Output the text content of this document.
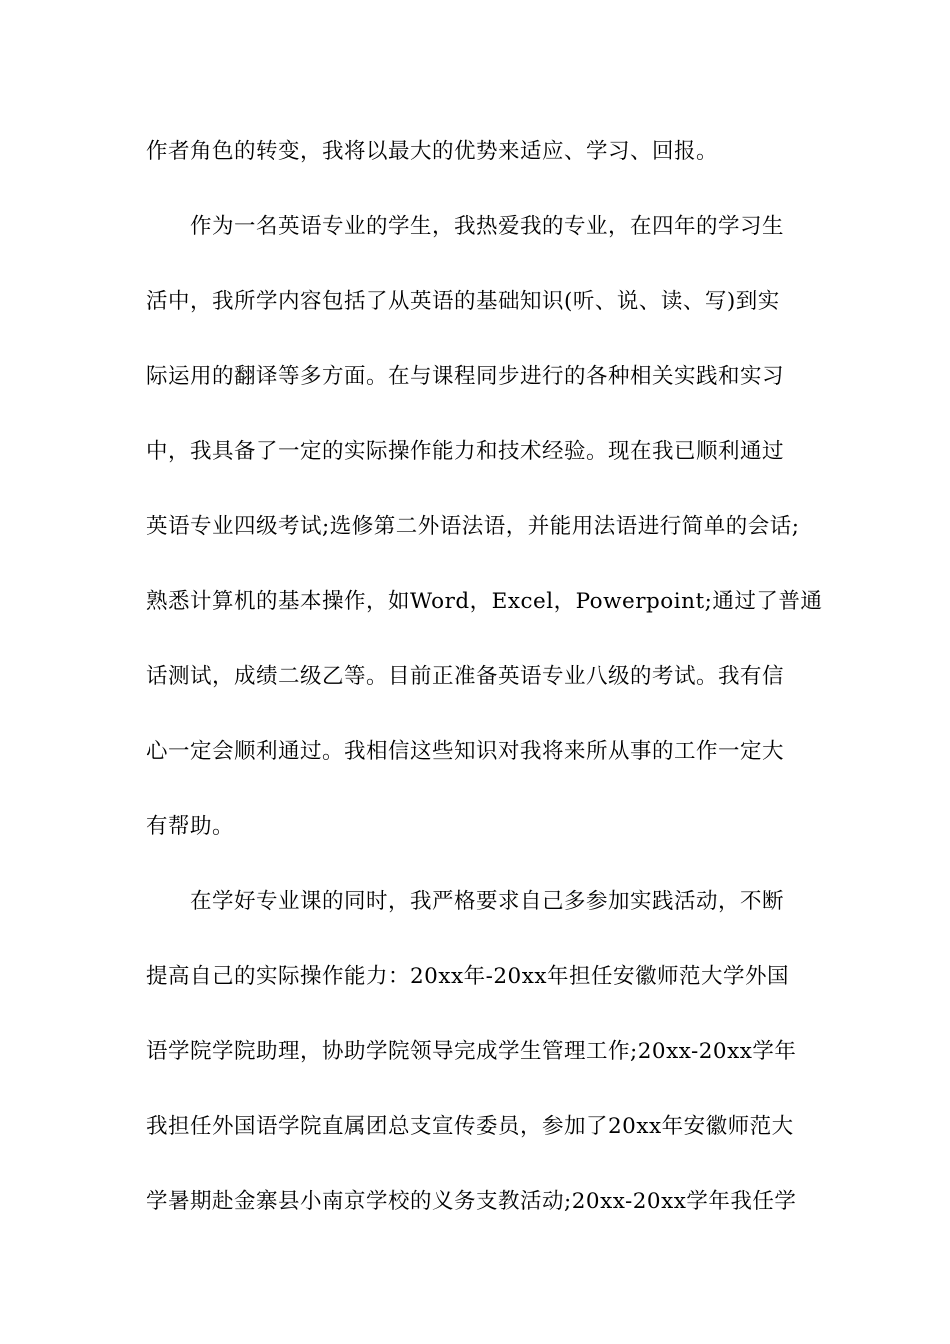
作者角色的转变，我将以最大的优势来适应、学习、回报。
作为一名英语专业的学生，我热爱我的专业，在四年的学习生
活中，我所学内容包括了从英语的基础知识(听、说、读、写)到实
际运用的翻译等多方面。在与课程同步进行的各种相关实践和实习
中，我具备了一定的实际操作能力和技术经验。现在我已顺利通过
英语专业四级考试;选修第二外语法语，并能用法语进行简单的会话;
熟悉计算机的基本操作，如Word，Excel，Powerpoint;通过了普通
话测试，成绩二级乙等。目前正准备英语专业八级的考试。我有信
心一定会顺利通过。我相信这些知识对我将来所从事的工作一定大
有帮助。
在学好专业课的同时，我严格要求自己多参加实践活动，不断
提高自己的实际操作能力：20xx年-20xx年担任安徽师范大学外国
语学院学院助理，协助学院领导完成学生管理工作;20xx-20xx学年
我担任外国语学院直属团总支宣传委员，参加了20xx年安徽师范大
学暑期赴金寨县小南京学校的义务支教活动;20xx-20xx学年我任学
